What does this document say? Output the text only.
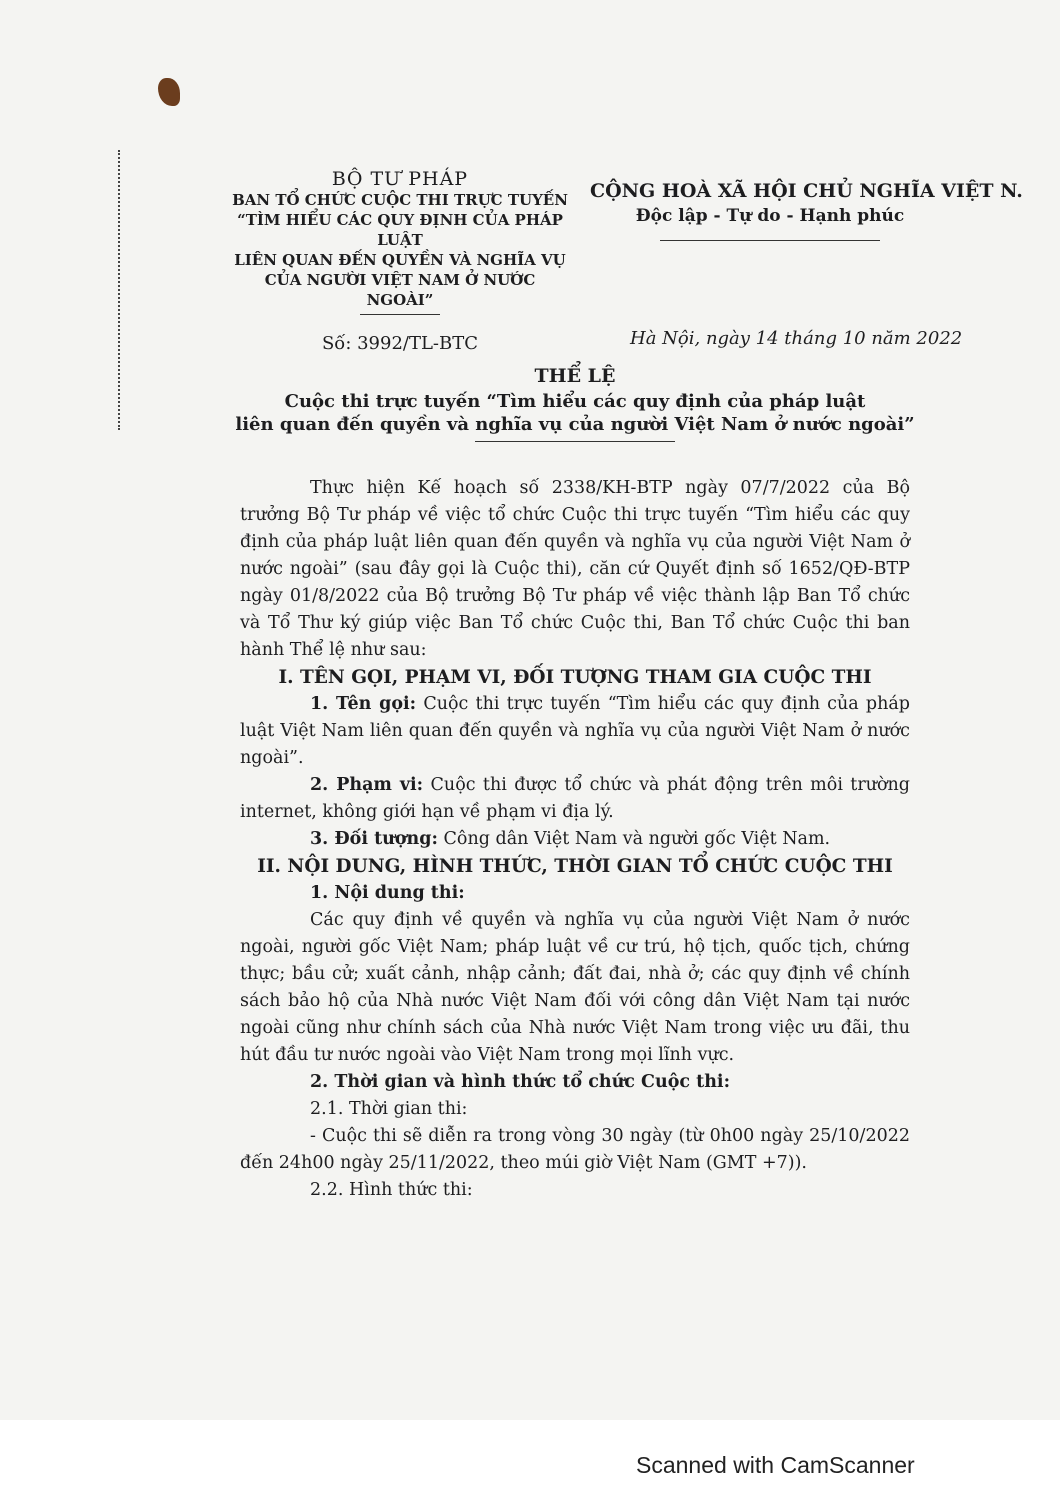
BỘ TƯ PHÁP
BAN TỔ CHỨC CUỘC THI TRỰC TUYẾN
“TÌM HIỂU CÁC QUY ĐỊNH CỦA PHÁP LUẬT
LIÊN QUAN ĐẾN QUYỀN VÀ NGHĨA VỤ
CỦA NGƯỜI VIỆT NAM Ở NƯỚC NGOÀI”
Số: 3992/TL-BTC
CỘNG HOÀ XÃ HỘI CHỦ NGHĨA VIỆT N.
Độc lập - Tự do - Hạnh phúc
Hà Nội, ngày 14 tháng 10 năm 2022
THỂ LỆ
Cuộc thi trực tuyến “Tìm hiểu các quy định của pháp luật
liên quan đến quyền và nghĩa vụ của người Việt Nam ở nước ngoài”

Thực hiện Kế hoạch số 2338/KH-BTP ngày 07/7/2022 của Bộ trưởng Bộ Tư pháp về việc tổ chức Cuộc thi trực tuyến “Tìm hiểu các quy định của pháp luật liên quan đến quyền và nghĩa vụ của người Việt Nam ở nước ngoài” (sau đây gọi là Cuộc thi), căn cứ Quyết định số 1652/QĐ-BTP ngày 01/8/2022 của Bộ trưởng Bộ Tư pháp về việc thành lập Ban Tổ chức và Tổ Thư ký giúp việc Ban Tổ chức Cuộc thi, Ban Tổ chức Cuộc thi ban hành Thể lệ như sau:

I. TÊN GỌI, PHẠM VI, ĐỐI TƯỢNG THAM GIA CUỘC THI

1. Tên gọi: Cuộc thi trực tuyến “Tìm hiểu các quy định của pháp luật Việt Nam liên quan đến quyền và nghĩa vụ của người Việt Nam ở nước ngoài”.

2. Phạm vi: Cuộc thi được tổ chức và phát động trên môi trường internet, không giới hạn về phạm vi địa lý.

3. Đối tượng: Công dân Việt Nam và người gốc Việt Nam.

II. NỘI DUNG, HÌNH THỨC, THỜI GIAN TỔ CHỨC CUỘC THI

1. Nội dung thi:

Các quy định về quyền và nghĩa vụ của người Việt Nam ở nước ngoài, người gốc Việt Nam; pháp luật về cư trú, hộ tịch, quốc tịch, chứng thực; bầu cử; xuất cảnh, nhập cảnh; đất đai, nhà ở; các quy định về chính sách bảo hộ của Nhà nước Việt Nam đối với công dân Việt Nam tại nước ngoài cũng như chính sách của Nhà nước Việt Nam trong việc ưu đãi, thu hút đầu tư nước ngoài vào Việt Nam trong mọi lĩnh vực.

2. Thời gian và hình thức tổ chức Cuộc thi:

2.1. Thời gian thi:

- Cuộc thi sẽ diễn ra trong vòng 30 ngày (từ 0h00 ngày 25/10/2022 đến 24h00 ngày 25/11/2022, theo múi giờ Việt Nam (GMT +7)).

2.2. Hình thức thi:

Scanned with CamScanner
